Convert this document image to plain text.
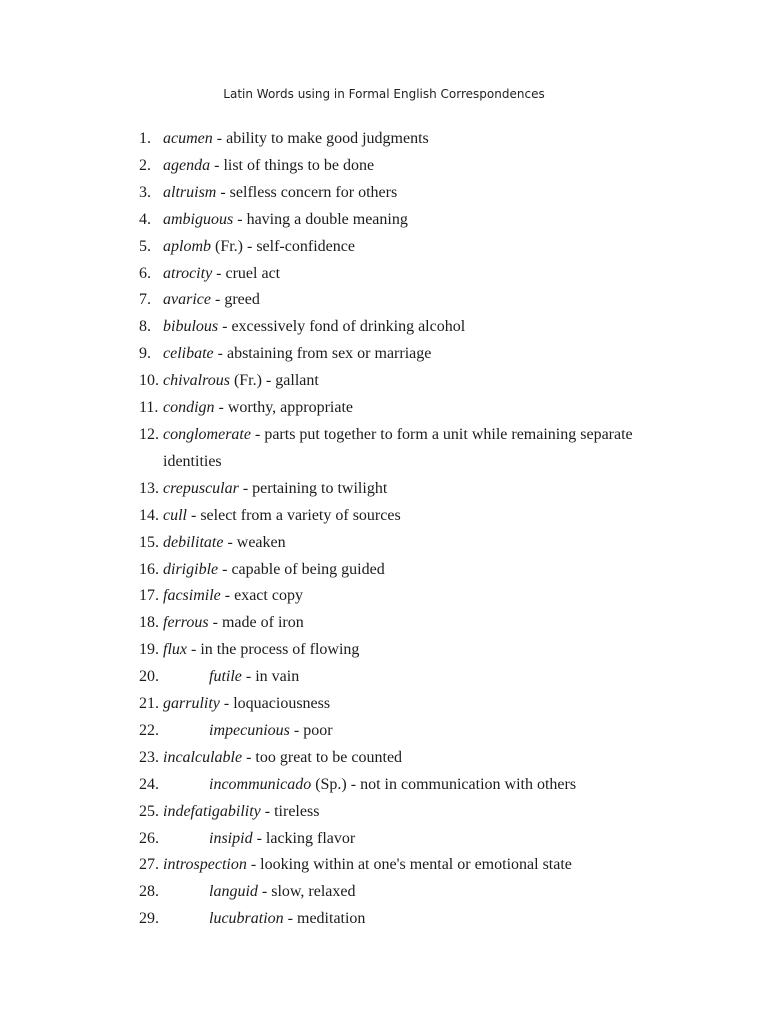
Latin Words using in Formal English Correspondences
1. acumen - ability to make good judgments
2. agenda - list of things to be done
3. altruism - selfless concern for others
4. ambiguous - having a double meaning
5. aplomb (Fr.) - self-confidence
6. atrocity - cruel act
7. avarice - greed
8. bibulous - excessively fond of drinking alcohol
9. celibate - abstaining from sex or marriage
10. chivalrous (Fr.) - gallant
11. condign - worthy, appropriate
12. conglomerate - parts put together to form a unit while remaining separate identities
13. crepuscular - pertaining to twilight
14. cull - select from a variety of sources
15. debilitate - weaken
16. dirigible - capable of being guided
17. facsimile - exact copy
18. ferrous - made of iron
19. flux - in the process of flowing
20.	futile - in vain
21. garrulity - loquaciousness
22.	impecunious - poor
23. incalculable - too great to be counted
24.	incommunicado (Sp.) - not in communication with others
25. indefatigability - tireless
26.	insipid - lacking flavor
27. introspection - looking within at one's mental or emotional state
28.	languid - slow, relaxed
29.	lucubration - meditation
